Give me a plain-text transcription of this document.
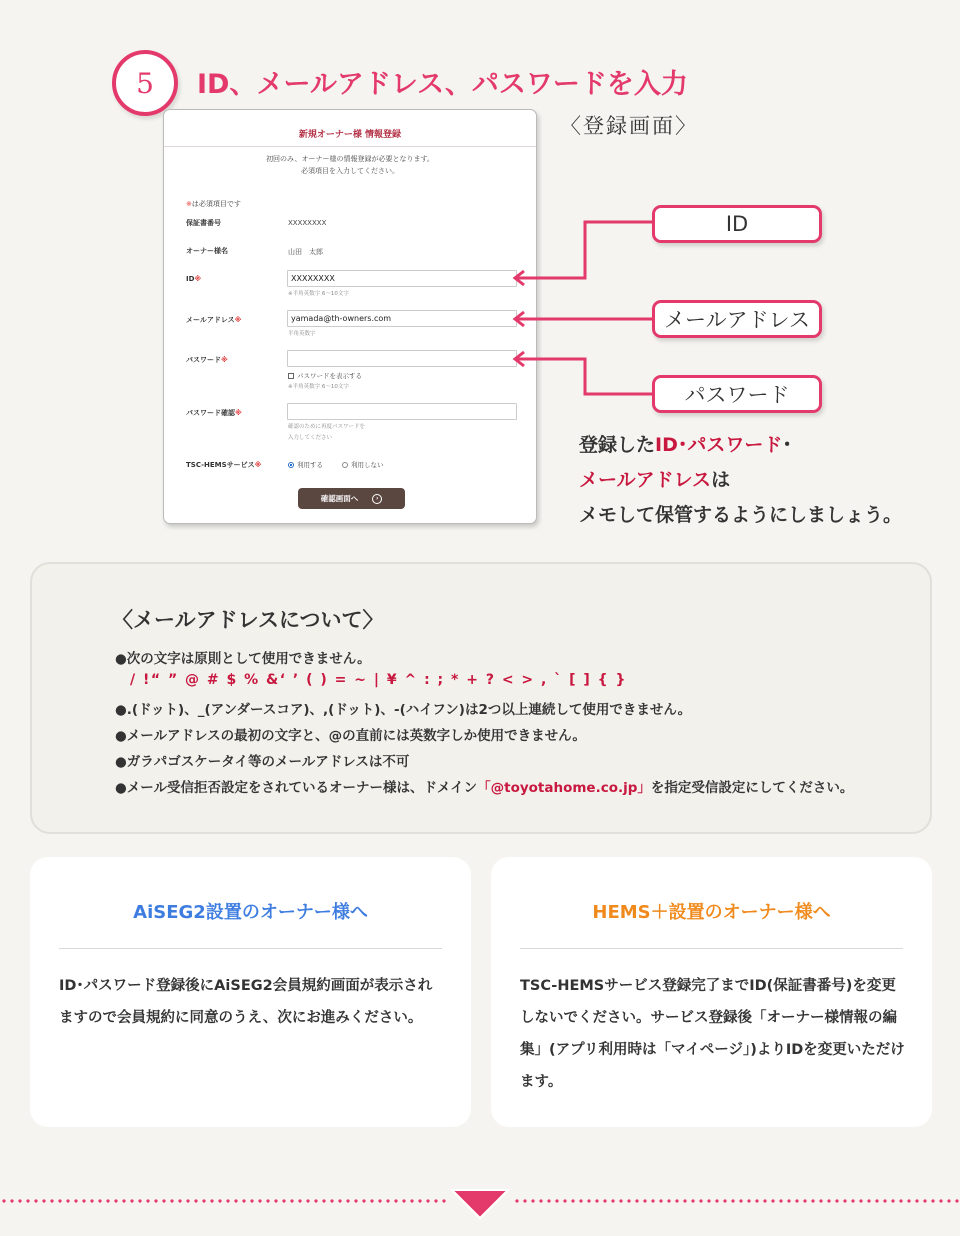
5 ID、メールアドレス、パスワードを入力
〈登録画面〉
新規オーナー様 情報登録
初回のみ、オーナー様の情報登録が必要となります。
必須項目を入力してください。
※は必須項目です
保証書番号	XXXXXXXX
オーナー様名	山田　太郎
ID※	XXXXXXXX
※半角英数字 6〜10文字
メールアドレス※	yamada@th-owners.com
半角英数字
パスワード※
パスワードを表示する
※半角英数字 6〜10文字
パスワード確認※
確認のために再度パスワードを
入力してください
TSC-HEMSサービス※	利用する	利用しない
確認画面へ	›
ID
メールアドレス
パスワード
登録したID･パスワード･
メールアドレスは
メモして保管するようにしましょう。
〈メールアドレスについて〉
●次の文字は原則として使用できません。
/ !“ ” @ # $ % &‘ ’ ( ) = ~ | ¥ ^ : ; * + ? < > , ` [ ] { }
●.(ドット)、_(アンダースコア)、,(ドット)、-(ハイフン)は2つ以上連続して使用できません。
●メールアドレスの最初の文字と、@の直前には英数字しか使用できません。
●ガラパゴスケータイ等のメールアドレスは不可
●メール受信拒否設定をされているオーナー様は、ドメイン「@toyotahome.co.jp」を指定受信設定にしてください。
AiSEG2設置のオーナー様へ
ID･パスワード登録後にAiSEG2会員規約画面が表示されますので会員規約に同意のうえ、次にお進みください。
HEMS＋設置のオーナー様へ
TSC-HEMSサービス登録完了までID(保証書番号)を変更しないでください。サービス登録後「オーナー様情報の編集」(アプリ利用時は「マイページ」)よりIDを変更いただけます。
